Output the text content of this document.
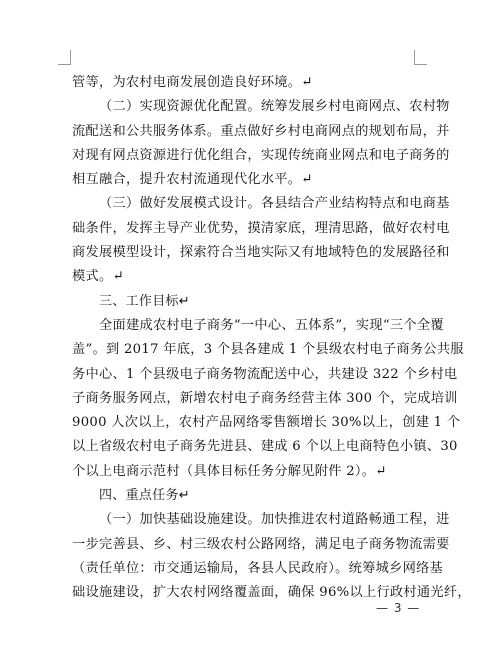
管等，为农村电商发展创造良好环境。↵
（二）实现资源优化配置。统筹发展乡村电商网点、农村物
流配送和公共服务体系。重点做好乡村电商网点的规划布局，并
对现有网点资源进行优化组合，实现传统商业网点和电子商务的
相互融合，提升农村流通现代化水平。↵
（三）做好发展模式设计。各县结合产业结构特点和电商基
础条件，发挥主导产业优势，摸清家底，理清思路，做好农村电
商发展模型设计，探索符合当地实际又有地域特色的发展路径和
模式。↵
三、工作目标↵
全面建成农村电子商务“一中心、五体系”，实现“三个全覆
盖”。到 2017 年底，3 个县各建成 1 个县级农村电子商务公共服
务中心、1 个县级电子商务物流配送中心，共建设 322 个乡村电
子商务服务网点，新增农村电子商务经营主体 300 个，完成培训
9000 人次以上，农村产品网络零售额增长 30%以上，创建 1 个
以上省级农村电子商务先进县、建成 6 个以上电商特色小镇、30
个以上电商示范村（具体目标任务分解见附件 2）。↵
四、重点任务↵
（一）加快基础设施建设。加快推进农村道路畅通工程，进
一步完善县、乡、村三级农村公路网络，满足电子商务物流需要
（责任单位：市交通运输局，各县人民政府）。统筹城乡网络基
础设施建设，扩大农村网络覆盖面，确保 96%以上行政村通光纤，
— 3 —
